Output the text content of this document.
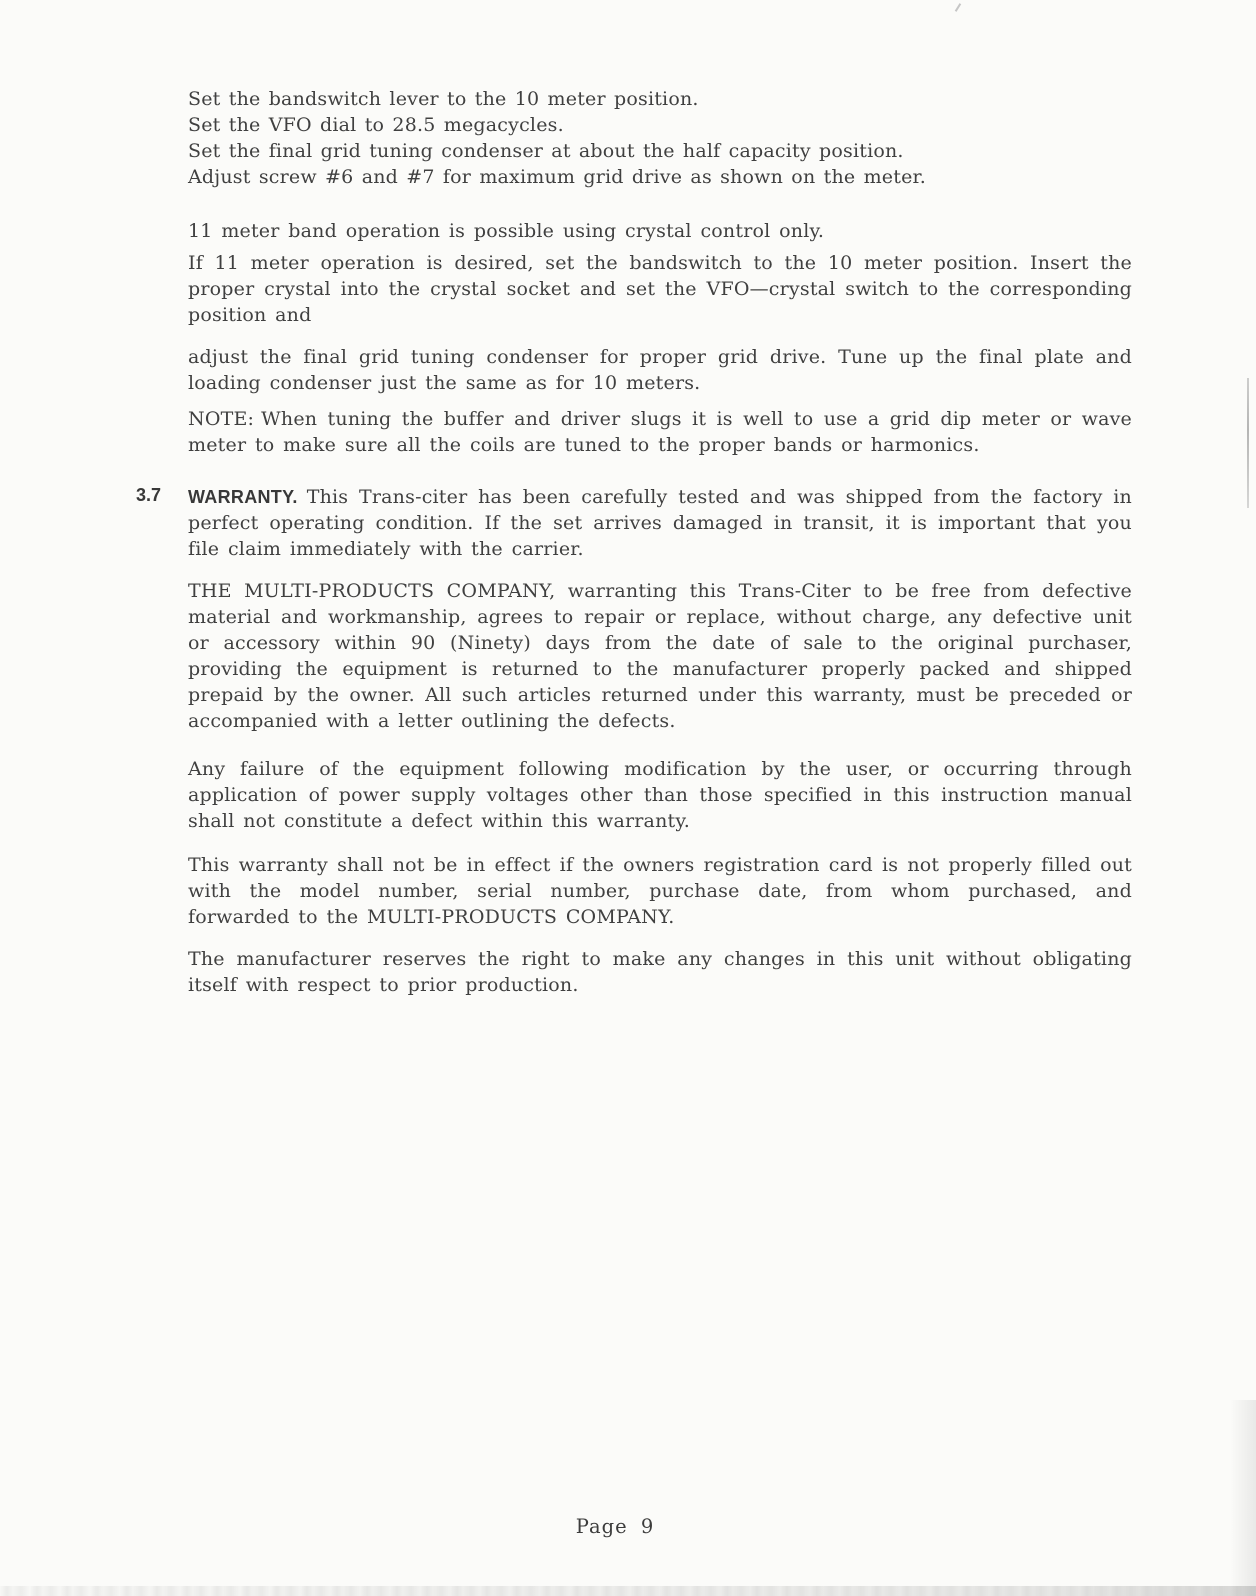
Set the bandswitch lever to the 10 meter position.
Set the VFO dial to 28.5 megacycles.
Set the final grid tuning condenser at about the half capacity position.
Adjust screw #6 and #7 for maximum grid drive as shown on the meter.

11 meter band operation is possible using crystal control only.

If 11 meter operation is desired, set the bandswitch to the 10 meter position. Insert the proper crystal into the crystal socket and set the VFO—crystal switch to the corresponding position and

adjust the final grid tuning condenser for proper grid drive. Tune up the final plate and loading condenser just the same as for 10 meters.

NOTE: When tuning the buffer and driver slugs it is well to use a grid dip meter or wave meter to make sure all the coils are tuned to the proper bands or harmonics.

3.7 WARRANTY. This Trans-citer has been carefully tested and was shipped from the factory in perfect operating condition. If the set arrives damaged in transit, it is important that you file claim immediately with the carrier.

THE MULTI-PRODUCTS COMPANY, warranting this Trans-Citer to be free from defective material and workmanship, agrees to repair or replace, without charge, any defective unit or accessory within 90 (Ninety) days from the date of sale to the original purchaser, providing the equipment is returned to the manufacturer properly packed and shipped prepaid by the owner. All such articles returned under this warranty, must be preceded or accompanied with a letter outlining the defects.

Any failure of the equipment following modification by the user, or occurring through application of power supply voltages other than those specified in this instruction manual shall not constitute a defect within this warranty.

This warranty shall not be in effect if the owners registration card is not properly filled out with the model number, serial number, purchase date, from whom purchased, and forwarded to the MULTI-PRODUCTS COMPANY.

The manufacturer reserves the right to make any changes in this unit without obligating itself with respect to prior production.

Page 9
